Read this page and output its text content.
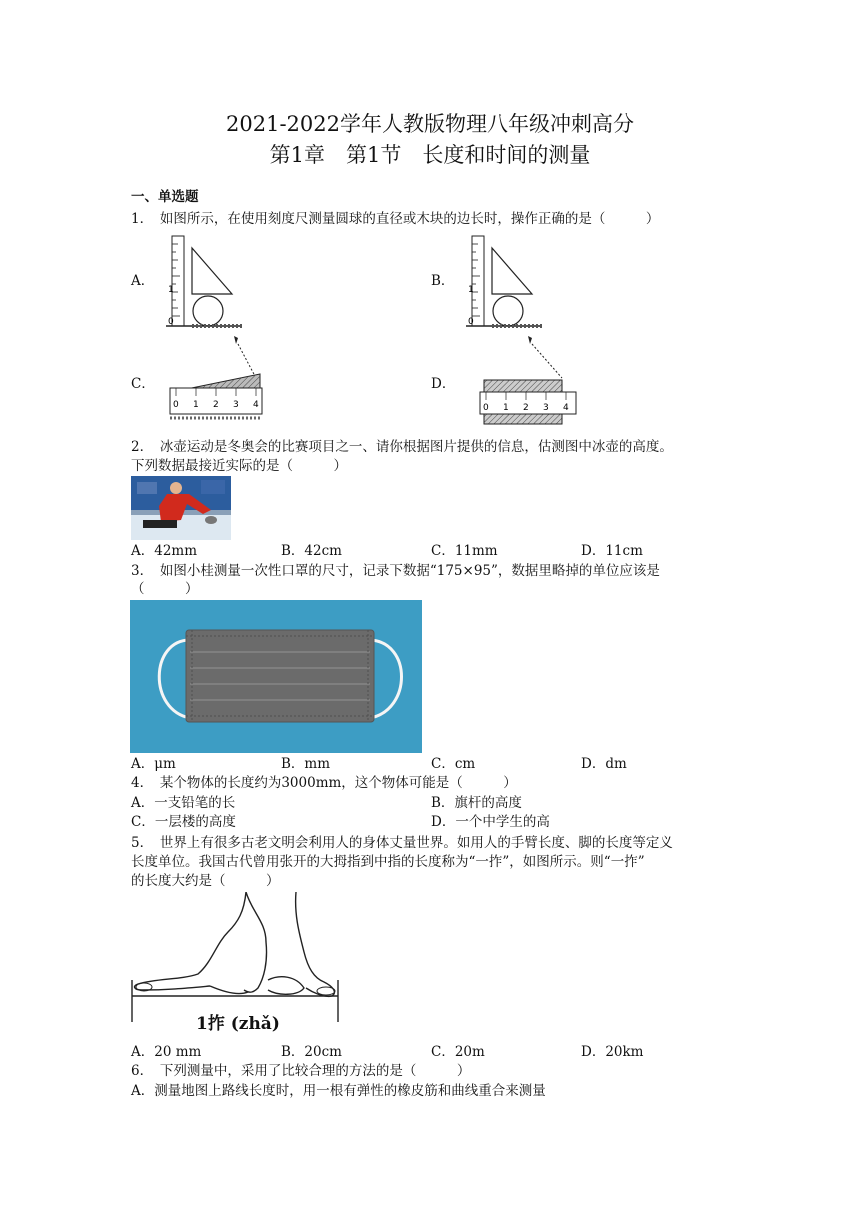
2021-2022学年人教版物理八年级冲刺高分
第1章　第1节　长度和时间的测量
一、单选题
1．　如图所示，在使用刻度尺测量圆球的直径或木块的边长时，操作正确的是（　　　）
A．	B．
C．	D．
1
0
1
0
0 1 2 3 4	0 1 2 3 4
2．　冰壶运动是冬奥会的比赛项目之一、请你根据图片提供的信息，估测图中冰壶的高度。
下列数据最接近实际的是（　　　）
A．42mm	B．42cm	C．11mm	D．11cm
3．　如图小桂测量一次性口罩的尺寸，记录下数据“175×95”，数据里略掉的单位应该是
（　　　）
A．μm	B．mm	C．cm	D．dm
4．　某个物体的长度约为3000mm，这个物体可能是（　　　）
A．一支铅笔的长	B．旗杆的高度
C．一层楼的高度	D．一个中学生的高
5．　世界上有很多古老文明会利用人的身体丈量世界。如用人的手臂长度、脚的长度等定义
长度单位。我国古代曾用张开的大拇指到中指的长度称为“一拃”，如图所示。则“一拃”
的长度大约是（　　　）
1拃 (zhǎ)
A．20 mm	B．20cm	C．20m	D．20km
6．　下列测量中，采用了比较合理的方法的是（　　　）
A．测量地图上路线长度时，用一根有弹性的橡皮筋和曲线重合来测量
